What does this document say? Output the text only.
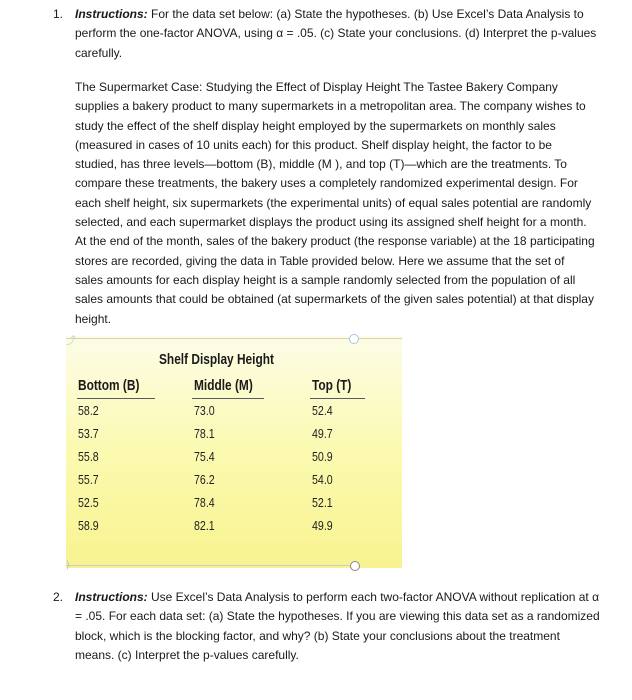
1. Instructions: For the data set below: (a) State the hypotheses. (b) Use Excel’s Data Analysis to perform the one-factor ANOVA, using α = .05. (c) State your conclusions. (d) Interpret the p-values carefully.
The Supermarket Case: Studying the Effect of Display Height The Tastee Bakery Company supplies a bakery product to many supermarkets in a metropolitan area. The company wishes to study the effect of the shelf display height employed by the supermarkets on monthly sales (measured in cases of 10 units each) for this product. Shelf display height, the factor to be studied, has three levels—bottom (B), middle (M ), and top (T)—which are the treatments. To compare these treatments, the bakery uses a completely randomized experimental design. For each shelf height, six supermarkets (the experimental units) of equal sales potential are randomly selected, and each supermarket displays the product using its assigned shelf height for a month. At the end of the month, sales of the bakery product (the response variable) at the 18 participating stores are recorded, giving the data in Table provided below. Here we assume that the set of sales amounts for each display height is a sample randomly selected from the population of all sales amounts that could be obtained (at supermarkets of the given sales potential) at that display height.
⤴
Shelf Display Height
Bottom (B)	Middle (M)	Top (T)
58.2	73.0	52.4
53.7	78.1	49.7
55.8	75.4	50.9
55.7	76.2	54.0
52.5	78.4	52.1
58.9	82.1	49.9
⟩
2. Instructions: Use Excel’s Data Analysis to perform each two-factor ANOVA without replication at α = .05. For each data set: (a) State the hypotheses. If you are viewing this data set as a randomized block, which is the blocking factor, and why? (b) State your conclusions about the treatment means. (c) Interpret the p-values carefully.
